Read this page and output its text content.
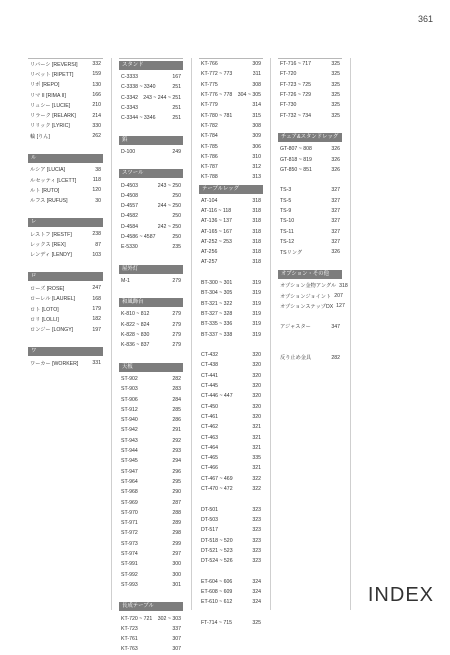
361
リバーシ [REVERSI]	332
リベット [RIPETT]	159
リポ [REPO]	130
リマ II [RIMA II]	166
リュシー [LUCIE]	210
リラーク [RELARK]	214
リリック [LYRIC]	330
輪 [りん]	262
ル
ルシア [LUCIA]	38
ルセッティ [LCETT]	118
ルト [RUTO]	120
ルフス [RUFUS]	30
レ
レストフ [RESTF]	238
レックス [REX]	87
レンディ [LENDY]	103
ロ
ローズ [ROSE]	247
ローレル [LAUREL]	168
ロト [LOTO]	179
ロリ [LOLLI]	182
ロンジー [LONGY]	197
ワ
ワーカー [WORKER]	331
スタンド
C-3333	167
C-3338 ~ 3340	251
C-3342 243 ~ 244 ~ 251
C-3343	251
C-3344 ~ 3346	251
鋲
D-100	249
スツール
D-4503	243 ~ 250
D-4508	250
D-4557	244 ~ 250
D-4582	250
D-4584	242 ~ 250
D-4586 ~ 4587	250
E-5330	235
屋外灯
M-1	279
和風飾台
K-810 ~ 812	279
K-822 ~ 824	279
K-828 ~ 830	279
K-836 ~ 837	279
天板
ST-902	282
ST-903	283
ST-906	284
ST-912	285
ST-940	286
ST-942	291
ST-943	292
ST-944	293
ST-945	294
ST-947	296
ST-964	295
ST-968	290
ST-969	287
ST-970	288
ST-971	289
ST-972	298
ST-973	299
ST-974	297
ST-991	300
ST-992	300
ST-993	301
長成テーブル
KT-720 ~ 721 302 ~ 303
KT-723	337
KT-761	307
KT-763	307
KT-766	309
KT-772 ~ 773	311
KT-775	308
KT-776 ~ 778 304 ~ 305
KT-779	314
KT-780 ~ 781	315
KT-782	308
KT-784	309
KT-785	306
KT-786	310
KT-787	312
KT-788	313
テーブルレッグ
AT-104	318
AT-116 ~ 118	318
AT-136 ~ 137	318
AT-165 ~ 167	318
AT-252 ~ 253	318
AT-256	318
AT-257	318
BT-300 ~ 301	319
BT-304 ~ 305	319
BT-321 ~ 322	319
BT-327 ~ 328	319
BT-335 ~ 336	319
BT-337 ~ 338	319
CT-432	320
CT-438	320
CT-441	320
CT-445	320
CT-446 ~ 447	320
CT-450	320
CT-461	320
CT-462	321
CT-463	321
CT-464	321
CT-465	335
CT-466	321
CT-467 ~ 469	322
CT-470 ~ 472	322
DT-501	323
DT-503	323
DT-517	323
DT-518 ~ 520	323
DT-521 ~ 523	323
DT-524 ~ 526	323
ET-604 ~ 606	324
ET-608 ~ 609	324
ET-610 ~ 612	324
FT-714 ~ 715	325
FT-716 ~ 717	325
FT-720	325
FT-723 ~ 725	325
FT-726 ~ 729	325
FT-730	325
FT-732 ~ 734	325
チェア&スタンドレッグ
GT-807 ~ 808	326
GT-818 ~ 819	326
GT-850 ~ 851	326
TS-3	327
TS-5	327
TS-9	327
TS-10	327
TS-11	327
TS-12	327
TSリング	326
オプション・その他
オプション金物アングル 318
オプションジョイント 207
オプションステップDX 127
アジャスター	347
反り止め金具	282
INDEX
